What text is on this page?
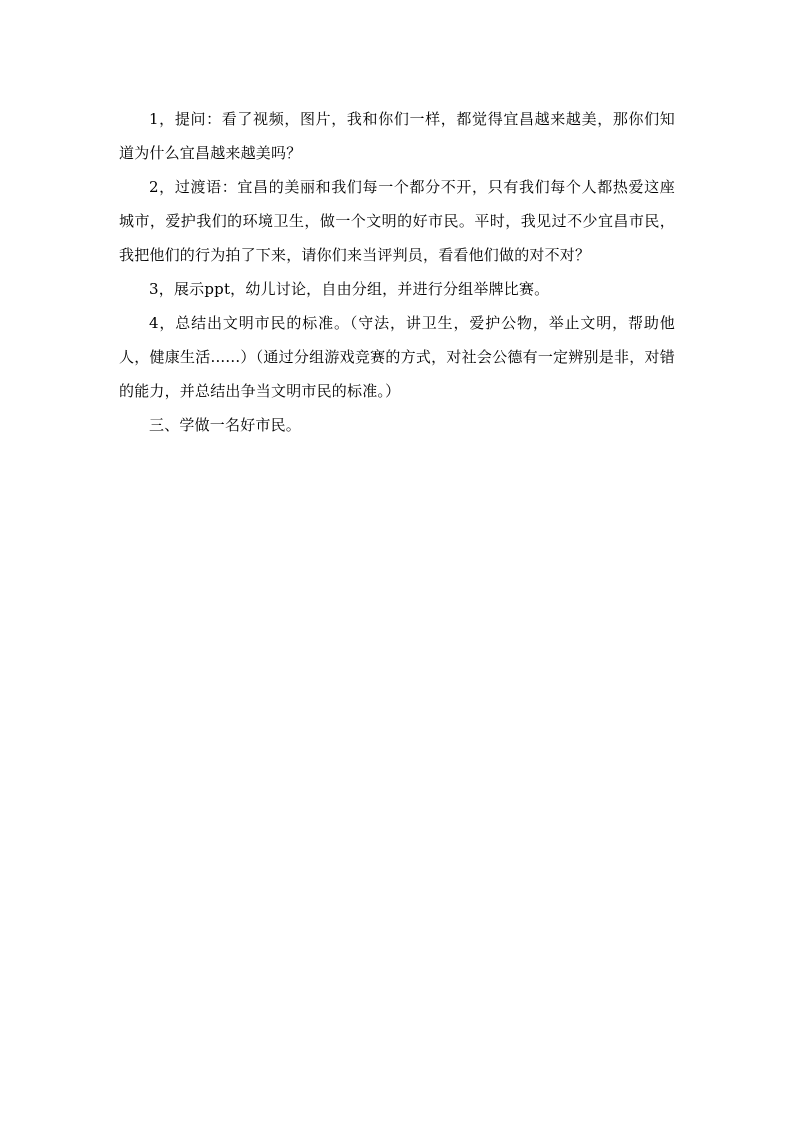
1，提问：看了视频，图片，我和你们一样，都觉得宜昌越来越美，那你们知道为什么宜昌越来越美吗？

2，过渡语：宜昌的美丽和我们每一个都分不开，只有我们每个人都热爱这座城市，爱护我们的环境卫生，做一个文明的好市民。平时，我见过不少宜昌市民，我把他们的行为拍了下来，请你们来当评判员，看看他们做的对不对？

3，展示ppt，幼儿讨论，自由分组，并进行分组举牌比赛。

4，总结出文明市民的标准。（守法，讲卫生，爱护公物，举止文明，帮助他人，健康生活......）（通过分组游戏竞赛的方式，对社会公德有一定辨别是非，对错的能力，并总结出争当文明市民的标准。）

三、学做一名好市民。
